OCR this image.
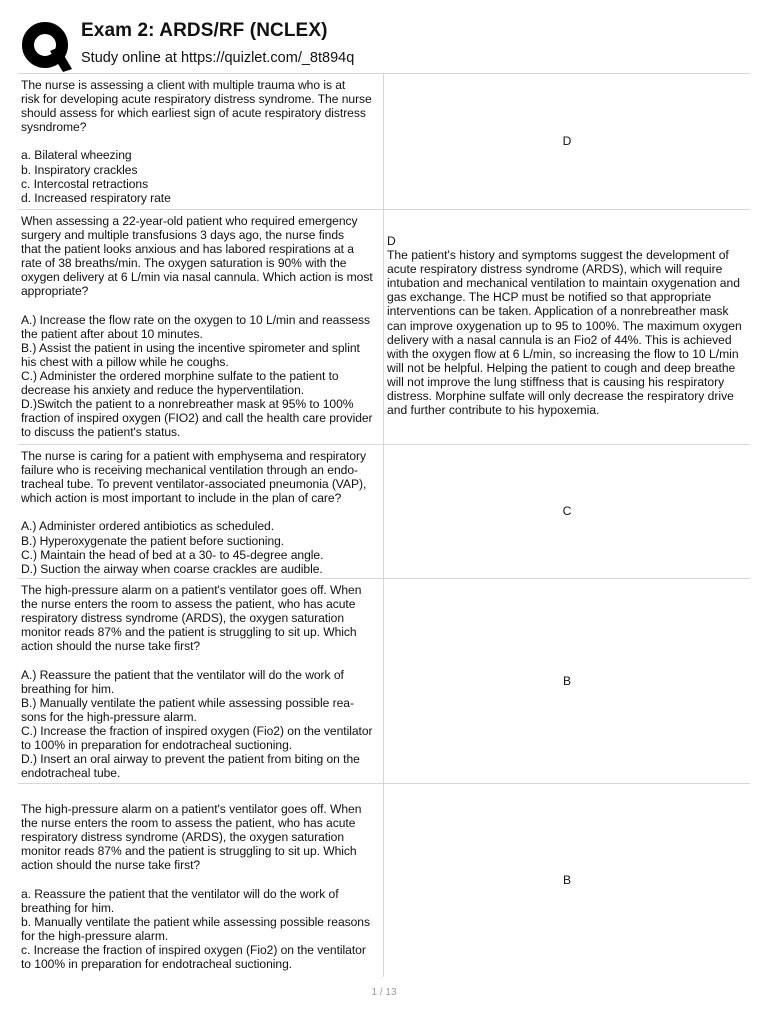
Exam 2: ARDS/RF (NCLEX)
Study online at https://quizlet.com/_8t894q
The nurse is assessing a client with multiple trauma who is at
risk for developing acute respiratory distress syndrome. The nurse
should assess for which earliest sign of acute respiratory distress
sysndrome?
a. Bilateral wheezing
b. Inspiratory crackles
c. Intercostal retractions
d. Increased respiratory rate
D
When assessing a 22-year-old patient who required emergency
surgery and multiple transfusions 3 days ago, the nurse finds
that the patient looks anxious and has labored respirations at a
rate of 38 breaths/min. The oxygen saturation is 90% with the
oxygen delivery at 6 L/min via nasal cannula. Which action is most
appropriate?
A.) Increase the flow rate on the oxygen to 10 L/min and reassess
the patient after about 10 minutes.
B.) Assist the patient in using the incentive spirometer and splint
his chest with a pillow while he coughs.
C.) Administer the ordered morphine sulfate to the patient to
decrease his anxiety and reduce the hyperventilation.
D.)Switch the patient to a nonrebreather mask at 95% to 100%
fraction of inspired oxygen (FIO2) and call the health care provider
to discuss the patient's status.
D
The patient's history and symptoms suggest the development of
acute respiratory distress syndrome (ARDS), which will require
intubation and mechanical ventilation to maintain oxygenation and
gas exchange. The HCP must be notified so that appropriate
interventions can be taken. Application of a nonrebreather mask
can improve oxygenation up to 95 to 100%. The maximum oxygen
delivery with a nasal cannula is an Fio2 of 44%. This is achieved
with the oxygen flow at 6 L/min, so increasing the flow to 10 L/min
will not be helpful. Helping the patient to cough and deep breathe
will not improve the lung stiffness that is causing his respiratory
distress. Morphine sulfate will only decrease the respiratory drive
and further contribute to his hypoxemia.
The nurse is caring for a patient with emphysema and respiratory
failure who is receiving mechanical ventilation through an endo-
tracheal tube. To prevent ventilator-associated pneumonia (VAP),
which action is most important to include in the plan of care?
A.) Administer ordered antibiotics as scheduled.
B.) Hyperoxygenate the patient before suctioning.
C.) Maintain the head of bed at a 30- to 45-degree angle.
D.) Suction the airway when coarse crackles are audible.
C
The high-pressure alarm on a patient's ventilator goes off. When
the nurse enters the room to assess the patient, who has acute
respiratory distress syndrome (ARDS), the oxygen saturation
monitor reads 87% and the patient is struggling to sit up. Which
action should the nurse take first?
A.) Reassure the patient that the ventilator will do the work of
breathing for him.
B.) Manually ventilate the patient while assessing possible rea-
sons for the high-pressure alarm.
C.) Increase the fraction of inspired oxygen (Fio2) on the ventilator
to 100% in preparation for endotracheal suctioning.
D.) Insert an oral airway to prevent the patient from biting on the
endotracheal tube.
B
The high-pressure alarm on a patient's ventilator goes off. When
the nurse enters the room to assess the patient, who has acute
respiratory distress syndrome (ARDS), the oxygen saturation
monitor reads 87% and the patient is struggling to sit up. Which
action should the nurse take first?
a. Reassure the patient that the ventilator will do the work of
breathing for him.
b. Manually ventilate the patient while assessing possible reasons
for the high-pressure alarm.
c. Increase the fraction of inspired oxygen (Fio2) on the ventilator
to 100% in preparation for endotracheal suctioning.
B
1 / 13
